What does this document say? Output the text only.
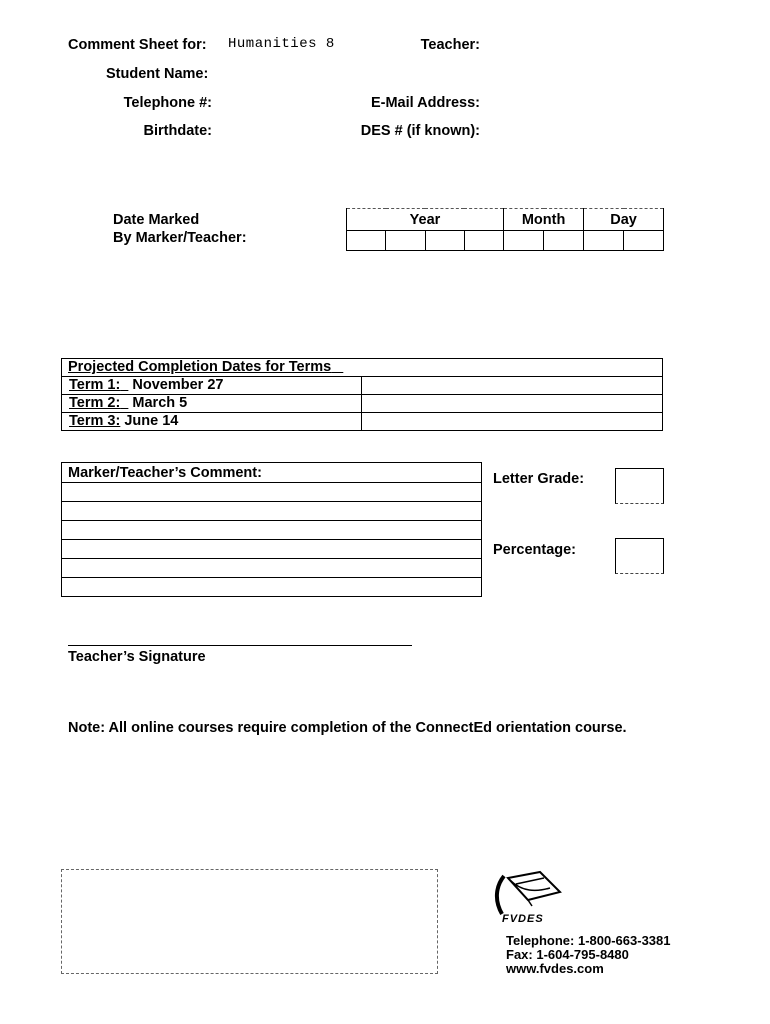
Comment Sheet for: Humanities 8	Teacher:
Student Name:
Telephone #:	E-Mail Address:
Birthdate:	DES # (if known):
Date Marked
By Marker/Teacher:
Year				Month		Day	

Projected Completion Dates for Terms	
Term 1: November 27	
Term 2: March 5	
Term 3: June 14	
Marker/Teacher’s Comment:	Letter Grade:
Percentage:
Teacher’s Signature
Note: All online courses require completion of the ConnectEd orientation course.
FVDES
Telephone: 1-800-663-3381
Fax: 1-604-795-8480
www.fvdes.com
